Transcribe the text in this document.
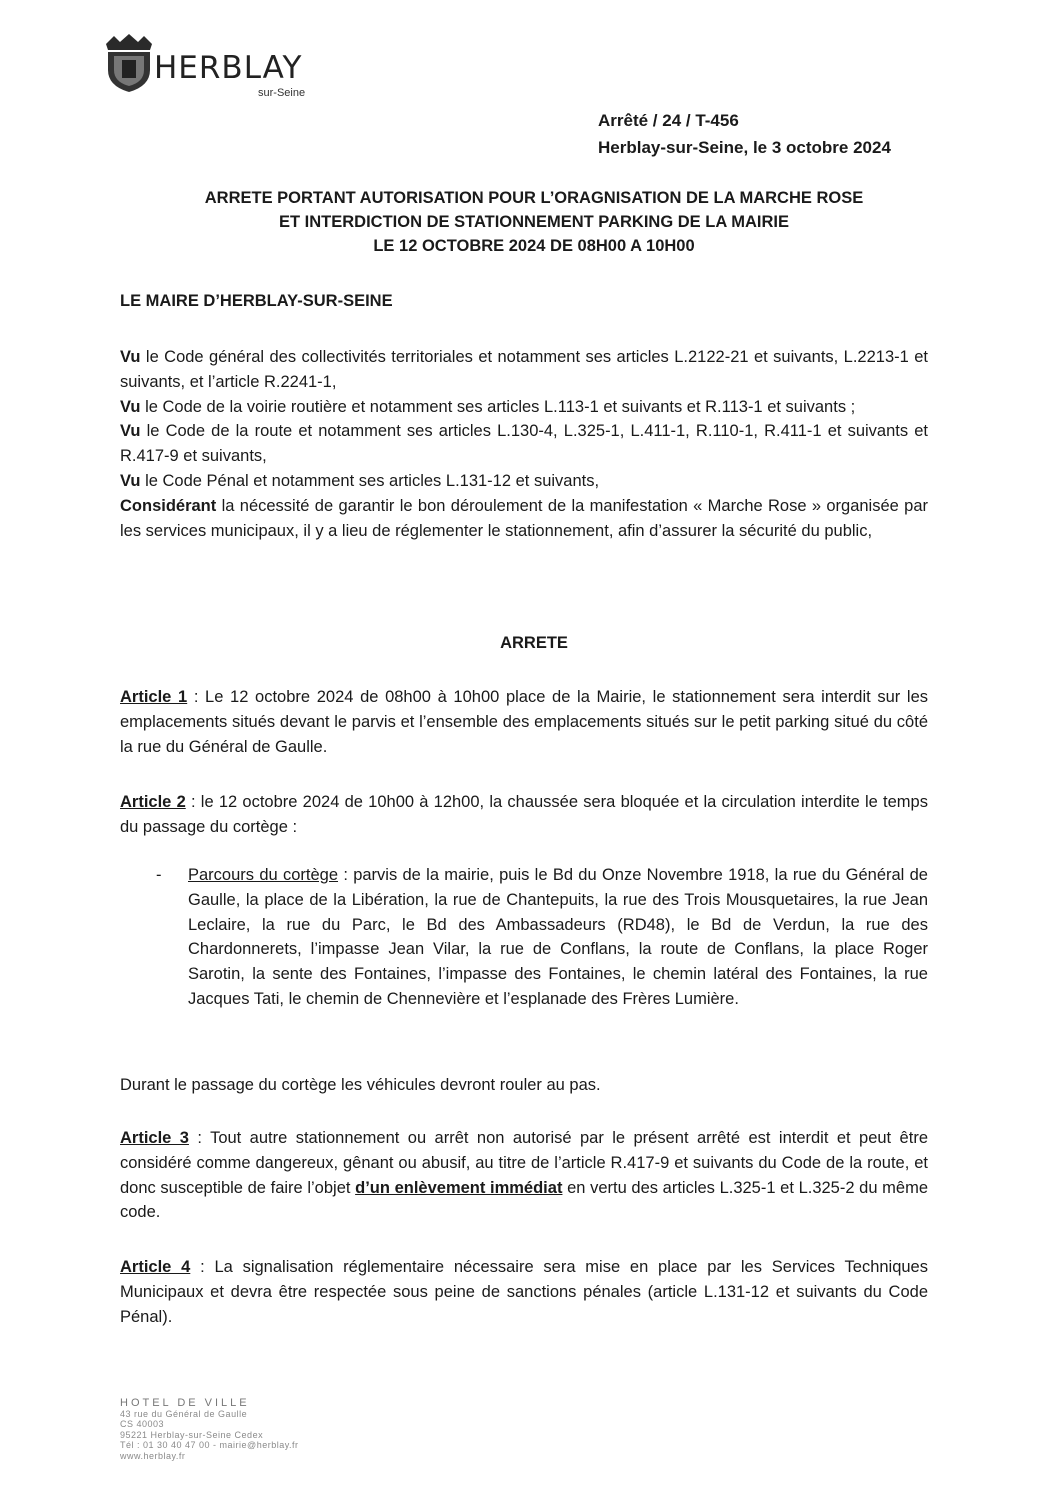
HERBLAY
sur-Seine
Arrêté / 24 / T-456
Herblay-sur-Seine, le 3 octobre 2024
ARRETE PORTANT AUTORISATION POUR L’ORAGNISATION DE LA MARCHE ROSE
ET INTERDICTION DE STATIONNEMENT PARKING DE LA MAIRIE
LE 12 OCTOBRE 2024 DE 08H00 A 10H00
LE MAIRE D’HERBLAY-SUR-SEINE

Vu le Code général des collectivités territoriales et notamment ses articles L.2122-21 et suivants, L.2213-1 et suivants, et l’article R.2241-1,

Vu le Code de la voirie routière et notamment ses articles L.113-1 et suivants et R.113-1 et suivants ;

Vu le Code de la route et notamment ses articles L.130-4, L.325-1, L.411-1, R.110-1, R.411-1 et suivants et R.417-9 et suivants,

Vu le Code Pénal et notamment ses articles L.131-12 et suivants,

Considérant la nécessité de garantir le bon déroulement de la manifestation « Marche Rose » organisée par les services municipaux, il y a lieu de réglementer le stationnement, afin d’assurer la sécurité du public,

ARRETE

Article 1 : Le 12 octobre 2024 de 08h00 à 10h00 place de la Mairie, le stationnement sera interdit sur les emplacements situés devant le parvis et l’ensemble des emplacements situés sur le petit parking situé du côté la rue du Général de Gaulle.

Article 2 : le 12 octobre 2024 de 10h00 à 12h00, la chaussée sera bloquée et la circulation interdite le temps du passage du cortège :

- Parcours du cortège : parvis de la mairie, puis le Bd du Onze Novembre 1918, la rue du Général de Gaulle, la place de la Libération, la rue de Chantepuits, la rue des Trois Mousquetaires, la rue Jean Leclaire, la rue du Parc, le Bd des Ambassadeurs (RD48), le Bd de Verdun, la rue des Chardonnerets, l’impasse Jean Vilar, la rue de Conflans, la route de Conflans, la place Roger Sarotin, la sente des Fontaines, l’impasse des Fontaines, le chemin latéral des Fontaines, la rue Jacques Tati, le chemin de Chennevière et l’esplanade des Frères Lumière.
Durant le passage du cortège les véhicules devront rouler au pas.

Article 3 : Tout autre stationnement ou arrêt non autorisé par le présent arrêté est interdit et peut être considéré comme dangereux, gênant ou abusif, au titre de l’article R.417-9 et suivants du Code de la route, et donc susceptible de faire l’objet d’un enlèvement immédiat en vertu des articles L.325-1 et L.325-2 du même code.

Article 4 : La signalisation réglementaire nécessaire sera mise en place par les Services Techniques Municipaux et devra être respectée sous peine de sanctions pénales (article L.131-12 et suivants du Code Pénal).

HOTEL DE VILLE
43 rue du Général de Gaulle
CS 40003
95221 Herblay-sur-Seine Cedex
Tél : 01 30 40 47 00 - mairie@herblay.fr
www.herblay.fr
